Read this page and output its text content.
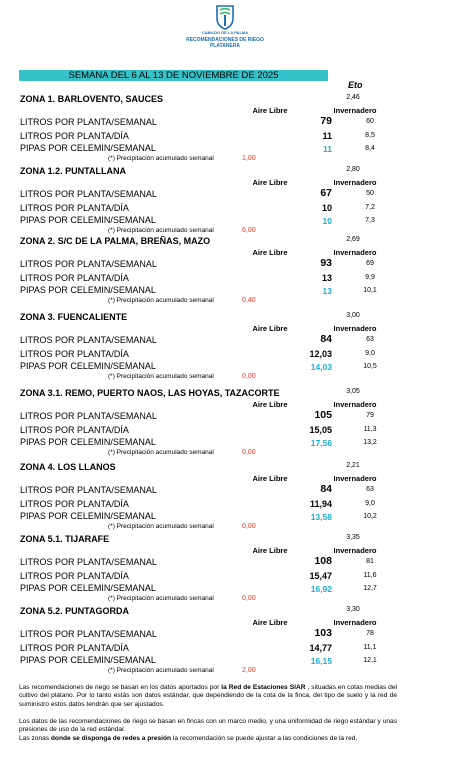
CABILDO DE LA PALMA
RECOMENDACIONES DE RIEGO
PLATANERA
SEMANA DEL 6 AL 13 DE NOVIEMBRE DE 2025
Eto
ZONA 1. BARLOVENTO, SAUCES	2,46
Aire Libre	Invernadero
LITROS POR PLANTA/SEMANAL	79	60
LITROS POR PLANTA/DÍA	11	8,5
PIPAS POR CELEMIN/SEMANAL	11	8,4
(*) Precipitación acumulado semanal	1,00
ZONA 1.2. PUNTALLANA	2,80
Aire Libre	Invernadero
LITROS POR PLANTA/SEMANAL	67	50
LITROS POR PLANTA/DÍA	10	7,2
PIPAS POR CELEMIN/SEMANAL	10	7,3
(*) Precipitación acumulado semanal	6,00
ZONA 2. S/C DE LA PALMA, BREÑAS, MAZO	2,69
Aire Libre	Invernadero
LITROS POR PLANTA/SEMANAL	93	69
LITROS POR PLANTA/DÍA	13	9,9
PIPAS POR CELEMIN/SEMANAL	13	10,1
(*) Precipitación acumulado semanal	0,40
ZONA 3. FUENCALIENTE	3,00
Aire Libre	Invernadero
LITROS POR PLANTA/SEMANAL	84	63
LITROS POR PLANTA/DÍA	12,03	9,0
PIPAS POR CELEMIN/SEMANAL	14,03	10,5
(*) Precipitación acumulado semanal	0,00
ZONA 3.1. REMO, PUERTO NAOS, LAS HOYAS, TAZACORTE	3,05
Aire Libre	Invernadero
LITROS POR PLANTA/SEMANAL	105	79
LITROS POR PLANTA/DÍA	15,05	11,3
PIPAS POR CELEMIN/SEMANAL	17,56	13,2
(*) Precipitación acumulado semanal	0,00
ZONA 4. LOS LLANOS	2,21
Aire Libre	Invernadero
LITROS POR PLANTA/SEMANAL	84	63
LITROS POR PLANTA/DÍA	11,94	9,0
PIPAS POR CELEMIN/SEMANAL	13,58	10,2
(*) Precipitación acumulado semanal	0,00
ZONA 5.1. TIJARAFE	3,35
Aire Libre	Invernadero
LITROS POR PLANTA/SEMANAL	108	81
LITROS POR PLANTA/DÍA	15,47	11,6
PIPAS POR CELEMIN/SEMANAL	16,92	12,7
(*) Precipitación acumulado semanal	0,00
ZONA 5.2. PUNTAGORDA	3,30
Aire Libre	Invernadero
LITROS POR PLANTA/SEMANAL	103	78
LITROS POR PLANTA/DÍA	14,77	11,1
PIPAS POR CELEMIN/SEMANAL	16,15	12,1
(*) Precipitación acumulado semanal	2,00
Las recomendaciones de riego se basan en los datos aportados por la Red de Estaciones SIAR , situadas en cotas medias del cultivo del plátano. Por lo tanto estás son datos estándar, que dependiendo de la cota de la finca, del tipo de suelo y la red de suministro estos datos tendrán que ser ajustados.
Los datos de las recomendaciones de riego se basan en fincas con un marco medio, y una uniformidad de riego estándar y unas presiones de uso de la red estándar.
Las zonas donde se disponga de redes a presión la recomendación se puede ajustar a las condiciones de la red.
